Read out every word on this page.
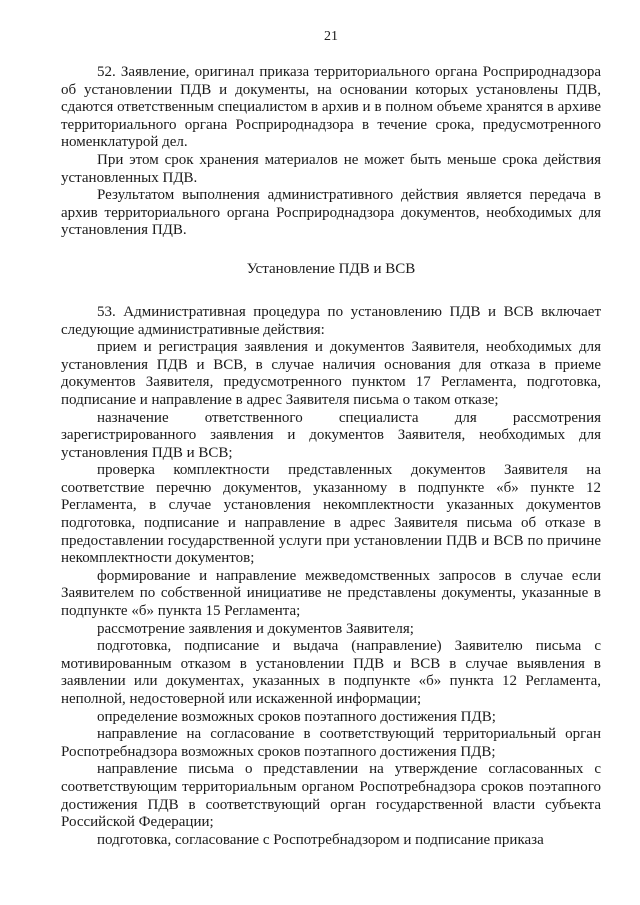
21

52. Заявление, оригинал приказа территориального органа Росприроднадзора об установлении ПДВ и документы, на основании которых установлены ПДВ, сдаются ответственным специалистом в архив и в полном объеме хранятся в архиве территориального органа Росприроднадзора в течение срока, предусмотренного номенклатурой дел.

При этом срок хранения материалов не может быть меньше срока действия установленных ПДВ.

Результатом выполнения административного действия является передача в архив территориального органа Росприроднадзора документов, необходимых для установления ПДВ.

Установление ПДВ и ВСВ

53. Административная процедура по установлению ПДВ и ВСВ включает следующие административные действия:

прием и регистрация заявления и документов Заявителя, необходимых для установления ПДВ и ВСВ, в случае наличия основания для отказа в приеме документов Заявителя, предусмотренного пунктом 17 Регламента, подготовка, подписание и направление в адрес Заявителя письма о таком отказе;

назначение ответственного специалиста для рассмотрения зарегистрированного заявления и документов Заявителя, необходимых для установления ПДВ и ВСВ;

проверка комплектности представленных документов Заявителя на соответствие перечню документов, указанному в подпункте «б» пункте 12 Регламента, в случае установления некомплектности указанных документов подготовка, подписание и направление в адрес Заявителя письма об отказе в предоставлении государственной услуги при установлении ПДВ и ВСВ по причине некомплектности документов;

формирование и направление межведомственных запросов в случае если Заявителем по собственной инициативе не представлены документы, указанные в подпункте «б» пункта 15 Регламента;

рассмотрение заявления и документов Заявителя;

подготовка, подписание и выдача (направление) Заявителю письма с мотивированным отказом в установлении ПДВ и ВСВ в случае выявления в заявлении или документах, указанных в подпункте «б» пункта 12 Регламента, неполной, недостоверной или искаженной информации;

определение возможных сроков поэтапного достижения ПДВ;

направление на согласование в соответствующий территориальный орган Роспотребнадзора возможных сроков поэтапного достижения ПДВ;

направление письма о представлении на утверждение согласованных с соответствующим территориальным органом Роспотребнадзора сроков поэтапного достижения ПДВ в соответствующий орган государственной власти субъекта Российской Федерации;

подготовка, согласование с Роспотребнадзором и подписание приказа
